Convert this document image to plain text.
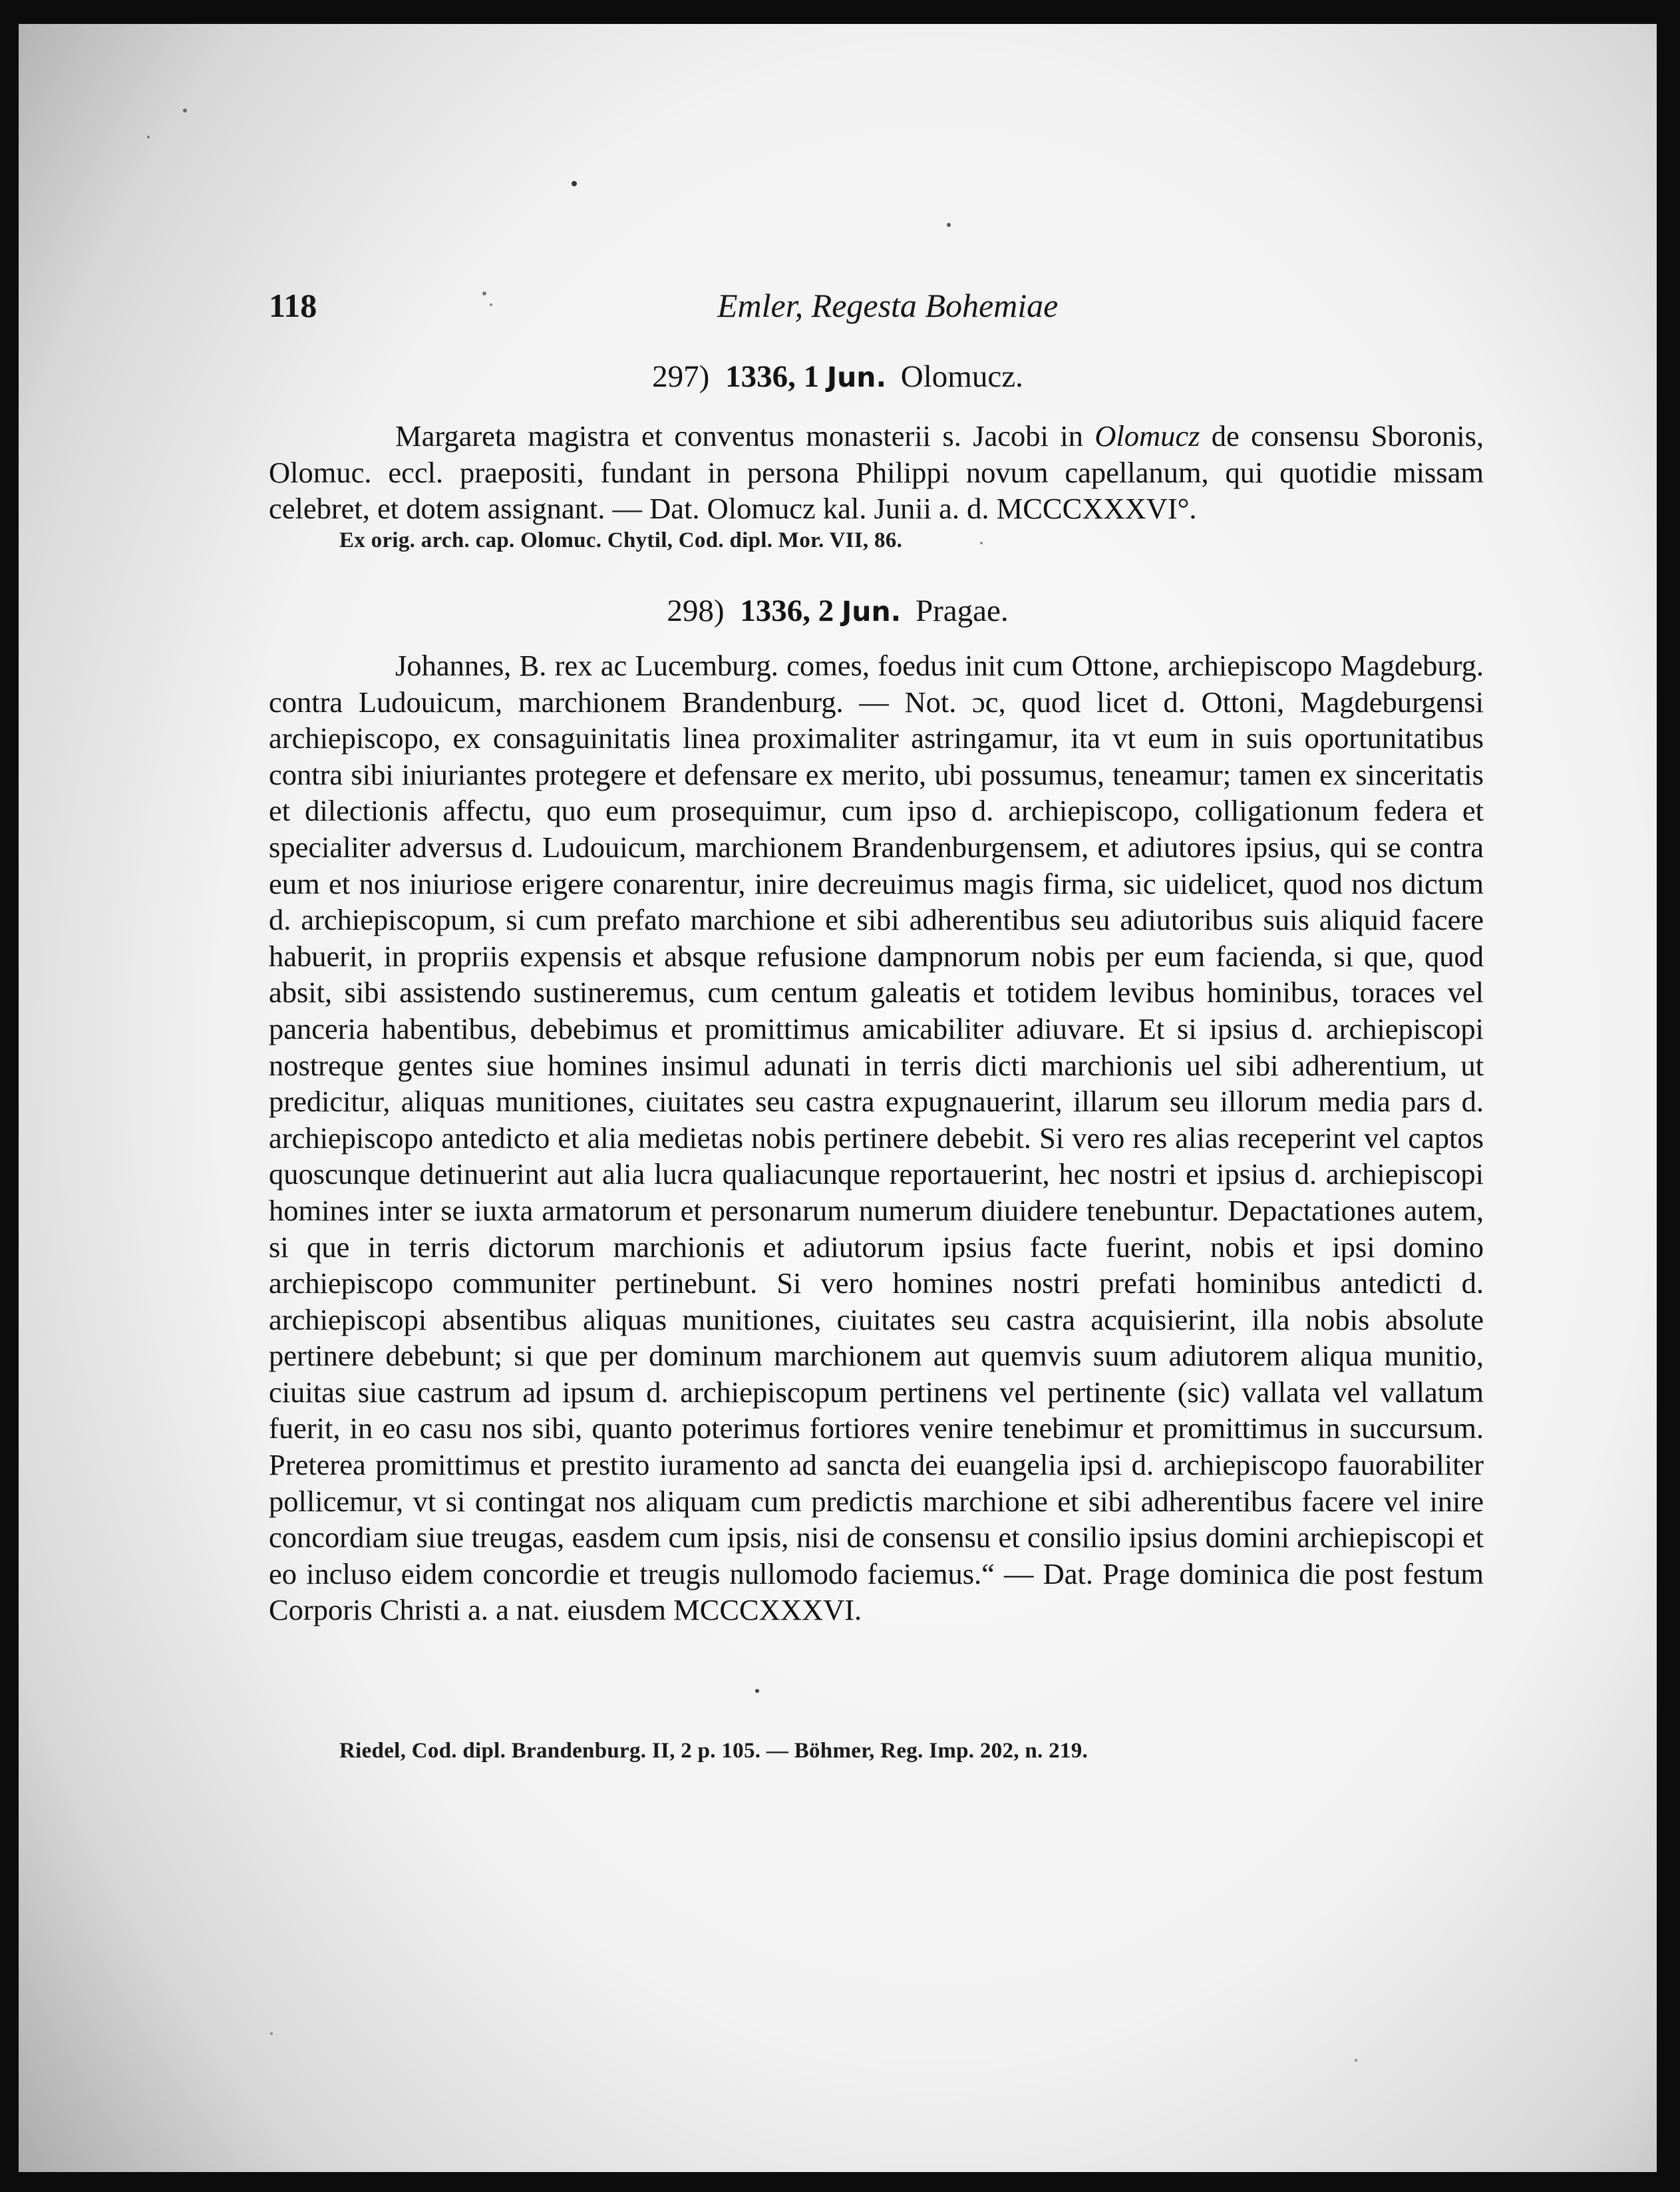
118	Emler, Regesta Bohemiae
297) 1336, 1 Jun. Olomucz.
Margareta magistra et conventus monasterii s. Jacobi in Olomucz de consensu Sboronis, Olomuc. eccl. praepositi, fundant in persona Philippi novum capellanum, qui quotidie missam celebret, et dotem assignant. — Dat. Olomucz kal. Junii a. d. MCCCXXXVI°.
Ex orig. arch. cap. Olomuc. Chytil, Cod. dipl. Mor. VII, 86.
298) 1336, 2 Jun. Pragae.
Johannes, B. rex ac Lucemburg. comes, foedus init cum Ottone, archiepiscopo Magdeburg. contra Ludouicum, marchionem Brandenburg. — Not. ɔc, quod licet d. Ottoni, Magdeburgensi archiepiscopo, ex consaguinitatis linea proximaliter astringamur, ita vt eum in suis oportunitatibus contra sibi iniuriantes protegere et defensare ex merito, ubi possumus, teneamur; tamen ex sinceritatis et dilectionis affectu, quo eum prosequimur, cum ipso d. archiepiscopo, colligationum federa et specialiter adversus d. Ludouicum, marchionem Brandenburgensem, et adiutores ipsius, qui se contra eum et nos iniuriose erigere conarentur, inire decreuimus magis firma, sic uidelicet, quod nos dictum d. archiepiscopum, si cum prefato marchione et sibi adherentibus seu adiutoribus suis aliquid facere habuerit, in propriis expensis et absque refusione dampnorum nobis per eum facienda, si que, quod absit, sibi assistendo sustineremus, cum centum galeatis et totidem levibus hominibus, toraces vel panceria habentibus, debebimus et promittimus amicabiliter adiuvare. Et si ipsius d. archiepiscopi nostreque gentes siue homines insimul adunati in terris dicti marchionis uel sibi adherentium, ut predicitur, aliquas munitiones, ciuitates seu castra expugnauerint, illarum seu illorum media pars d. archiepiscopo antedicto et alia medietas nobis pertinere debebit. Si vero res alias receperint vel captos quoscunque detinuerint aut alia lucra qualiacunque reportauerint, hec nostri et ipsius d. archiepiscopi homines inter se iuxta armatorum et personarum numerum diuidere tenebuntur. Depactationes autem, si que in terris dictorum marchionis et adiutorum ipsius facte fuerint, nobis et ipsi domino archiepiscopo communiter pertinebunt. Si vero homines nostri prefati hominibus antedicti d. archiepiscopi absentibus aliquas munitiones, ciuitates seu castra acquisierint, illa nobis absolute pertinere debebunt; si que per dominum marchionem aut quemvis suum adiutorem aliqua munitio, ciuitas siue castrum ad ipsum d. archiepiscopum pertinens vel pertinente (sic) vallata vel vallatum fuerit, in eo casu nos sibi, quanto poterimus fortiores venire tenebimur et promittimus in succursum. Preterea promittimus et prestito iuramento ad sancta dei euangelia ipsi d. archiepiscopo fauorabiliter pollicemur, vt si contingat nos aliquam cum predictis marchione et sibi adherentibus facere vel inire concordiam siue treugas, easdem cum ipsis, nisi de consensu et consilio ipsius domini archiepiscopi et eo incluso eidem concordie et treugis nullomodo faciemus.“ — Dat. Prage dominica die post festum Corporis Christi a. a nat. eiusdem MCCCXXXVI.
Riedel, Cod. dipl. Brandenburg. II, 2 p. 105. — Böhmer, Reg. Imp. 202, n. 219.
